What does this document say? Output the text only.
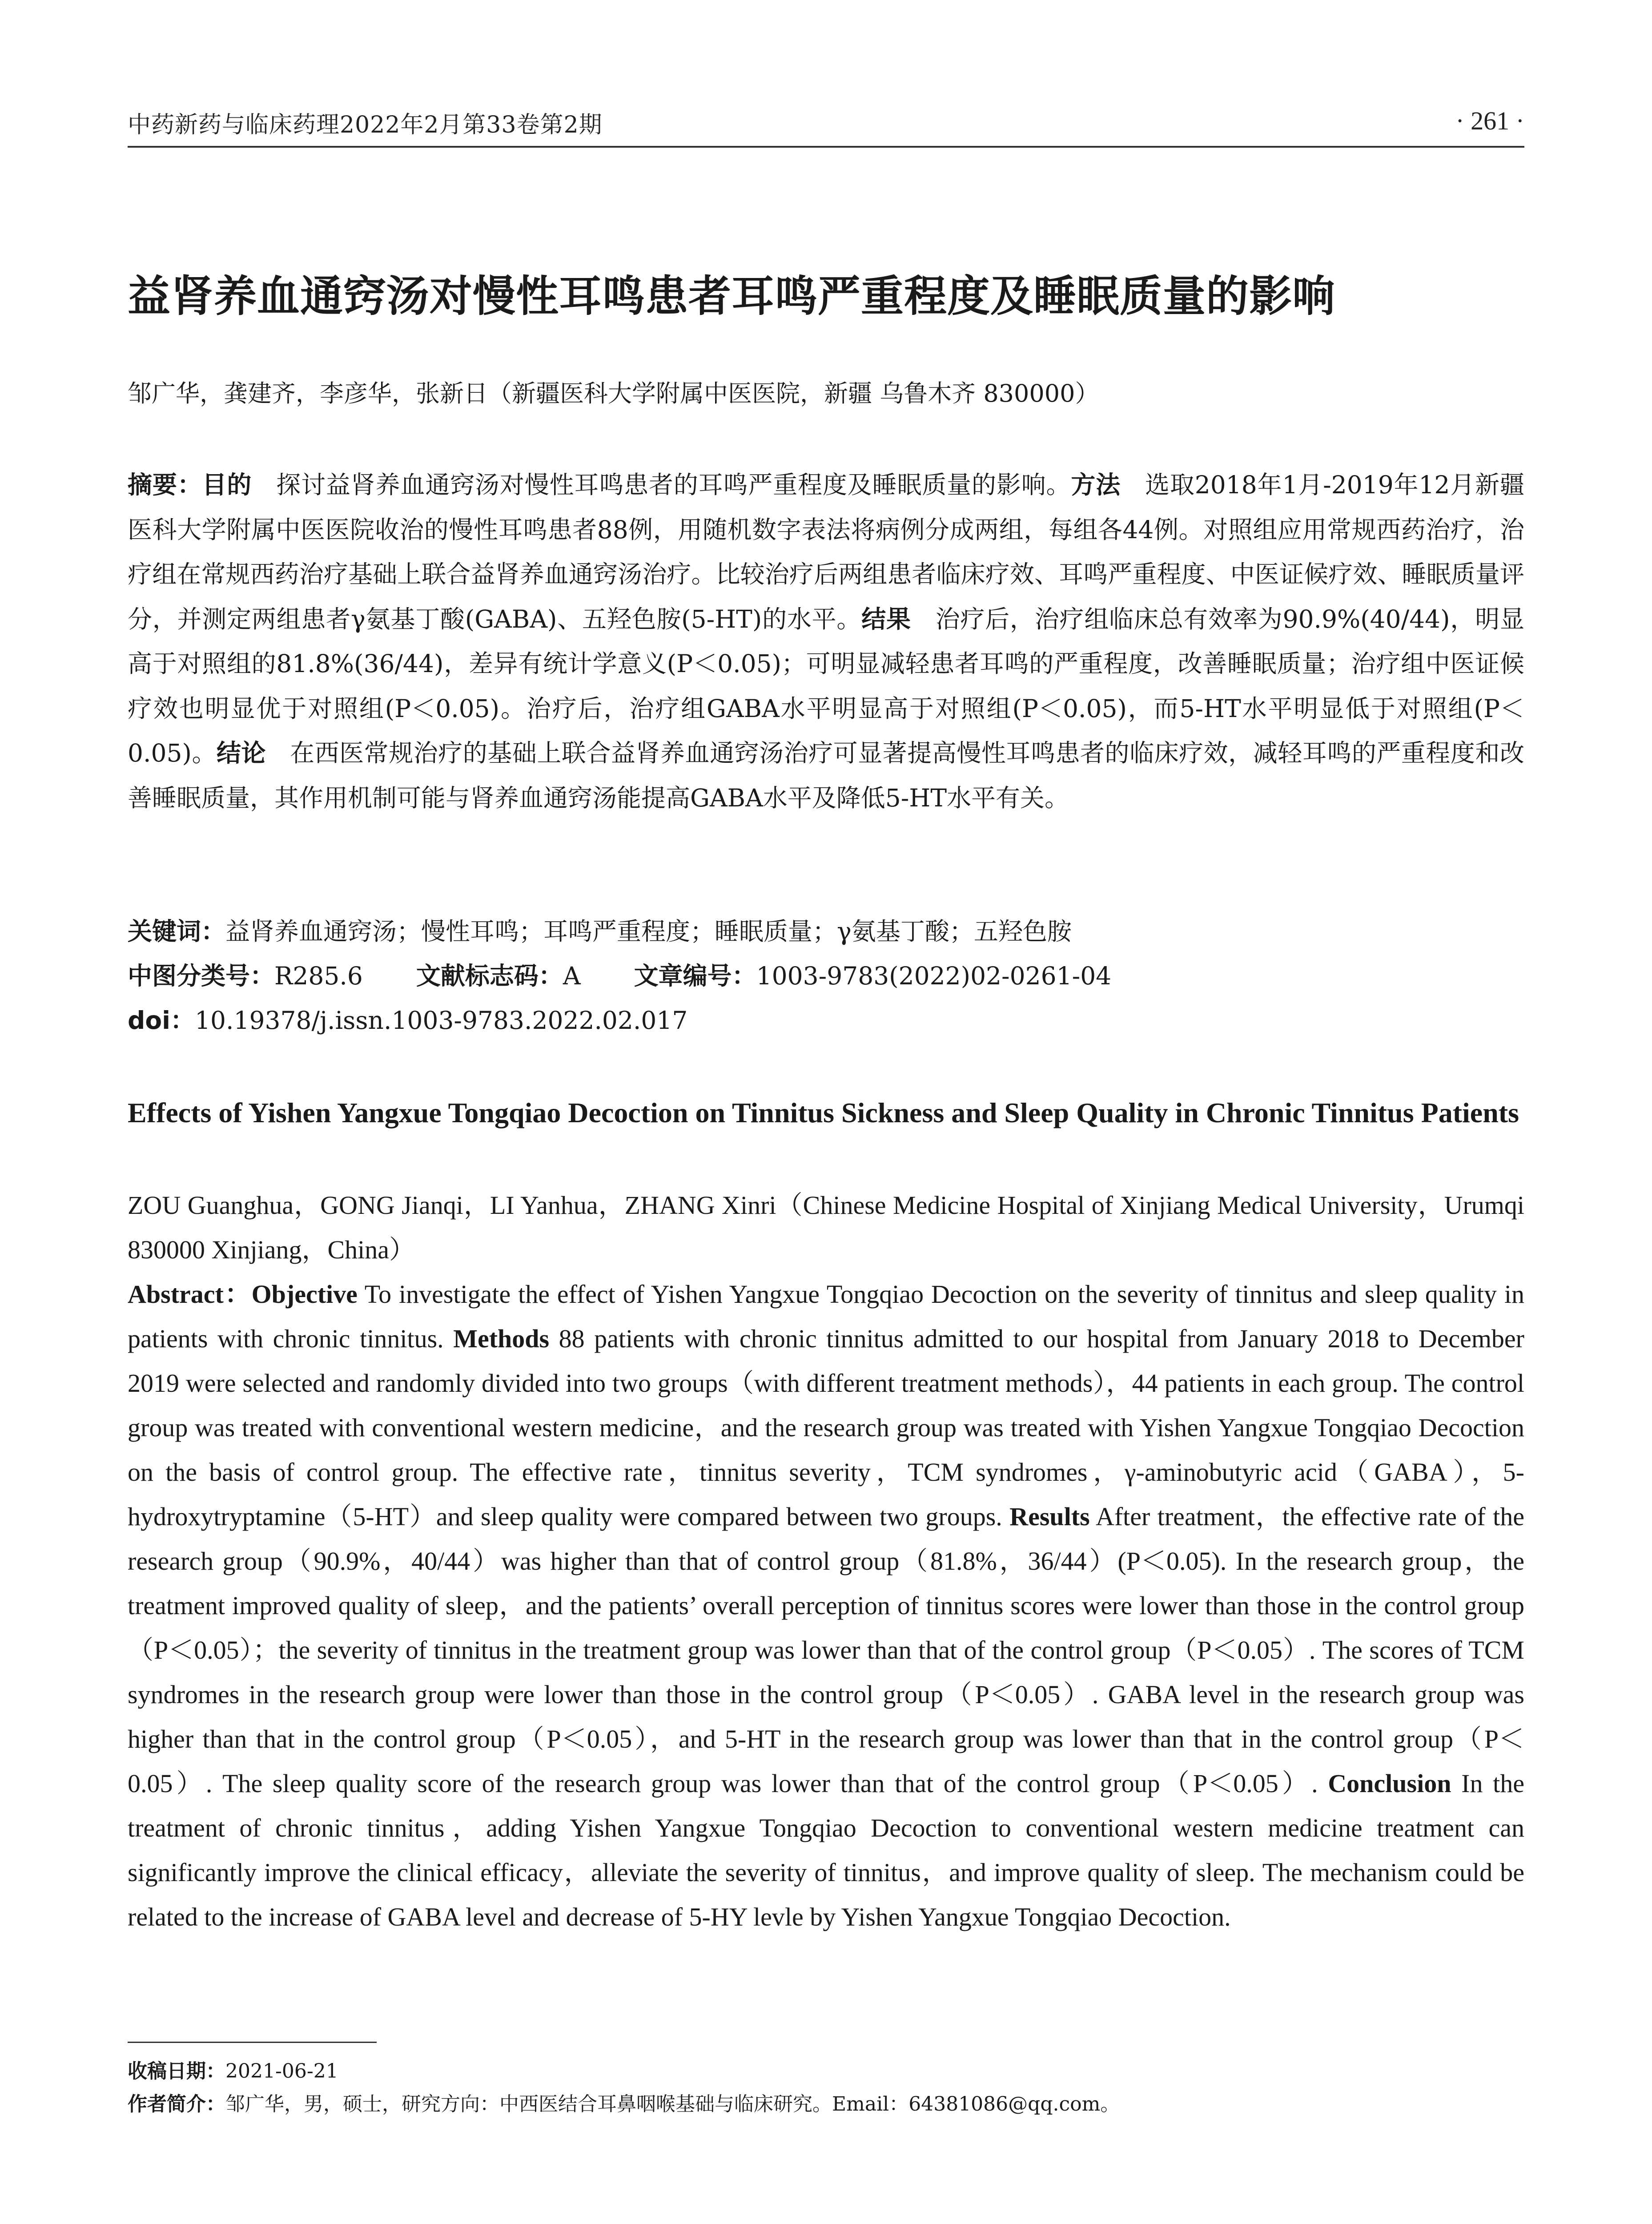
中药新药与临床药理2022年2月第33卷第2期	· 261 ·
益肾养血通窍汤对慢性耳鸣患者耳鸣严重程度及睡眠质量的影响
邹广华，龚建齐，李彦华，张新日（新疆医科大学附属中医医院，新疆 乌鲁木齐 830000）
摘要：目的 探讨益肾养血通窍汤对慢性耳鸣患者的耳鸣严重程度及睡眠质量的影响。方法 选取2018年1月-2019年12月新疆医科大学附属中医医院收治的慢性耳鸣患者88例，用随机数字表法将病例分成两组，每组各44例。对照组应用常规西药治疗，治疗组在常规西药治疗基础上联合益肾养血通窍汤治疗。比较治疗后两组患者临床疗效、耳鸣严重程度、中医证候疗效、睡眠质量评分，并测定两组患者γ氨基丁酸(GABA)、五羟色胺(5-HT)的水平。结果 治疗后，治疗组临床总有效率为90.9%(40/44)，明显高于对照组的81.8%(36/44)，差异有统计学意义(P＜0.05)；可明显减轻患者耳鸣的严重程度，改善睡眠质量；治疗组中医证候疗效也明显优于对照组(P＜0.05)。治疗后，治疗组GABA水平明显高于对照组(P＜0.05)，而5-HT水平明显低于对照组(P＜0.05)。结论 在西医常规治疗的基础上联合益肾养血通窍汤治疗可显著提高慢性耳鸣患者的临床疗效，减轻耳鸣的严重程度和改善睡眠质量，其作用机制可能与肾养血通窍汤能提高GABA水平及降低5-HT水平有关。
关键词：益肾养血通窍汤；慢性耳鸣；耳鸣严重程度；睡眠质量；γ氨基丁酸；五羟色胺
中图分类号：R285.6 文献标志码：A 文章编号：1003-9783(2022)02-0261-04
doi：10.19378/j.issn.1003-9783.2022.02.017
Effects of Yishen Yangxue Tongqiao Decoction on Tinnitus Sickness and Sleep Quality in Chronic Tinnitus Patients
ZOU Guanghua，GONG Jianqi，LI Yanhua，ZHANG Xinri（Chinese Medicine Hospital of Xinjiang Medical University，Urumqi 830000 Xinjiang，China）
Abstract：Objective To investigate the effect of Yishen Yangxue Tongqiao Decoction on the severity of tinnitus and sleep quality in patients with chronic tinnitus. Methods 88 patients with chronic tinnitus admitted to our hospital from January 2018 to December 2019 were selected and randomly divided into two groups（with different treatment methods），44 patients in each group. The control group was treated with conventional western medicine，and the research group was treated with Yishen Yangxue Tongqiao Decoction on the basis of control group. The effective rate，tinnitus severity，TCM syndromes，γ-aminobutyric acid（GABA），5-hydroxytryptamine（5-HT）and sleep quality were compared between two groups. Results After treatment，the effective rate of the research group（90.9%，40/44）was higher than that of control group（81.8%，36/44）(P＜0.05). In the research group，the treatment improved quality of sleep，and the patients’ overall perception of tinnitus scores were lower than those in the control group（P＜0.05）；the severity of tinnitus in the treatment group was lower than that of the control group（P＜0.05）. The scores of TCM syndromes in the research group were lower than those in the control group（P＜0.05）. GABA level in the research group was higher than that in the control group（P＜0.05），and 5-HT in the research group was lower than that in the control group（P＜0.05）. The sleep quality score of the research group was lower than that of the control group（P＜0.05）. Conclusion In the treatment of chronic tinnitus，adding Yishen Yangxue Tongqiao Decoction to conventional western medicine treatment can significantly improve the clinical efficacy，alleviate the severity of tinnitus，and improve quality of sleep. The mechanism could be related to the increase of GABA level and decrease of 5-HY levle by Yishen Yangxue Tongqiao Decoction.
收稿日期：2021-06-21
作者简介：邹广华，男，硕士，研究方向：中西医结合耳鼻咽喉基础与临床研究。Email：64381086@qq.com。
